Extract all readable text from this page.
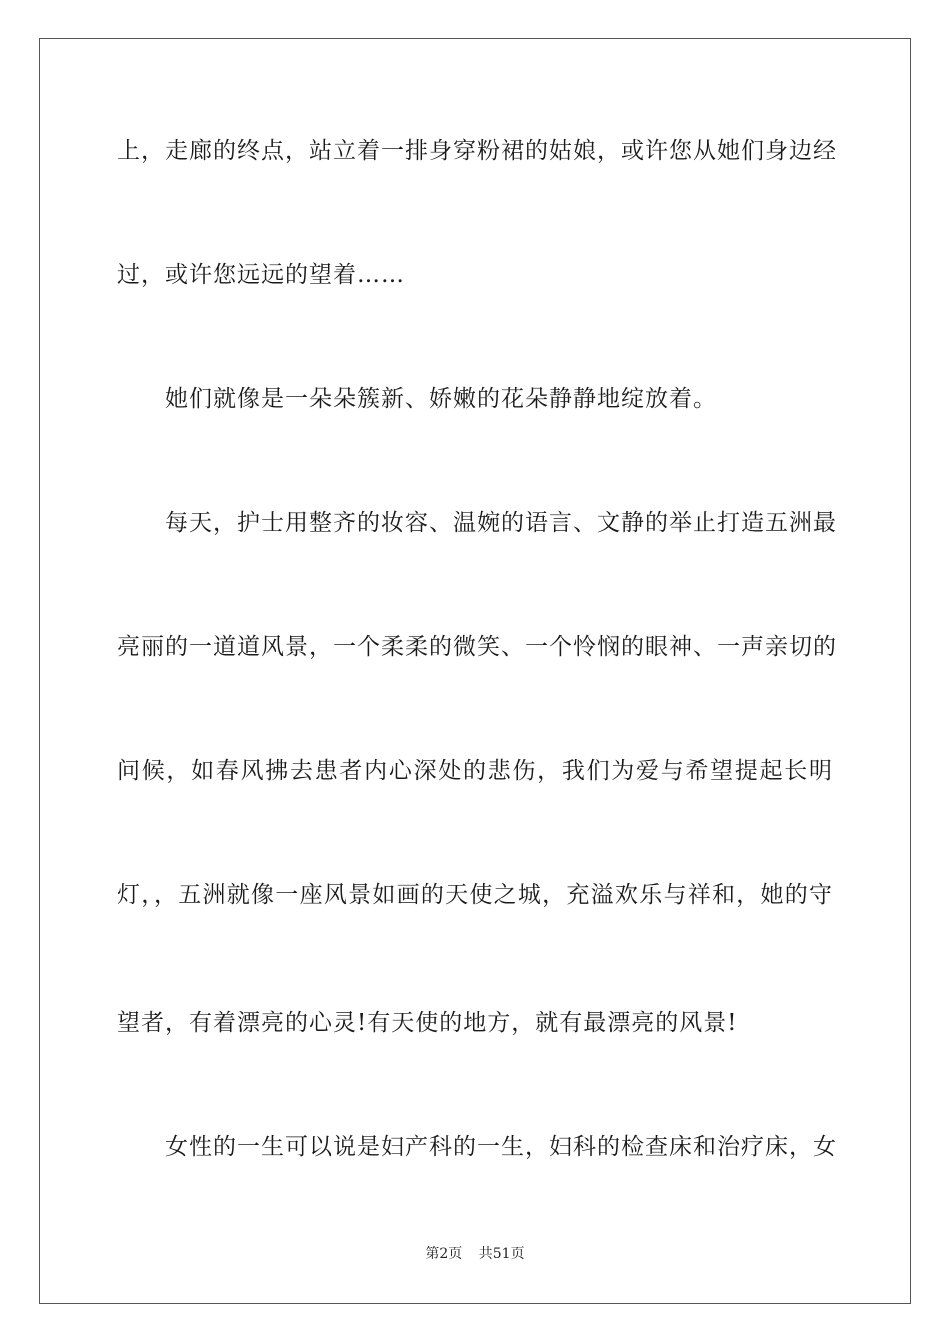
上，走廊的终点，站立着一排身穿粉裙的姑娘，或许您从她们身边经
过，或许您远远的望着……
她们就像是一朵朵簇新、娇嫩的花朵静静地绽放着。
每天，护士用整齐的妆容、温婉的语言、文静的举止打造五洲最
亮丽的一道道风景，一个柔柔的微笑、一个怜悯的眼神、一声亲切的
问候，如春风拂去患者内心深处的悲伤，我们为爱与希望提起长明
灯，，五洲就像一座风景如画的天使之城，充溢欢乐与祥和，她的守
望者，有着漂亮的心灵!有天使的地方，就有最漂亮的风景!
女性的一生可以说是妇产科的一生，妇科的检查床和治疗床，女
第2页 共51页
